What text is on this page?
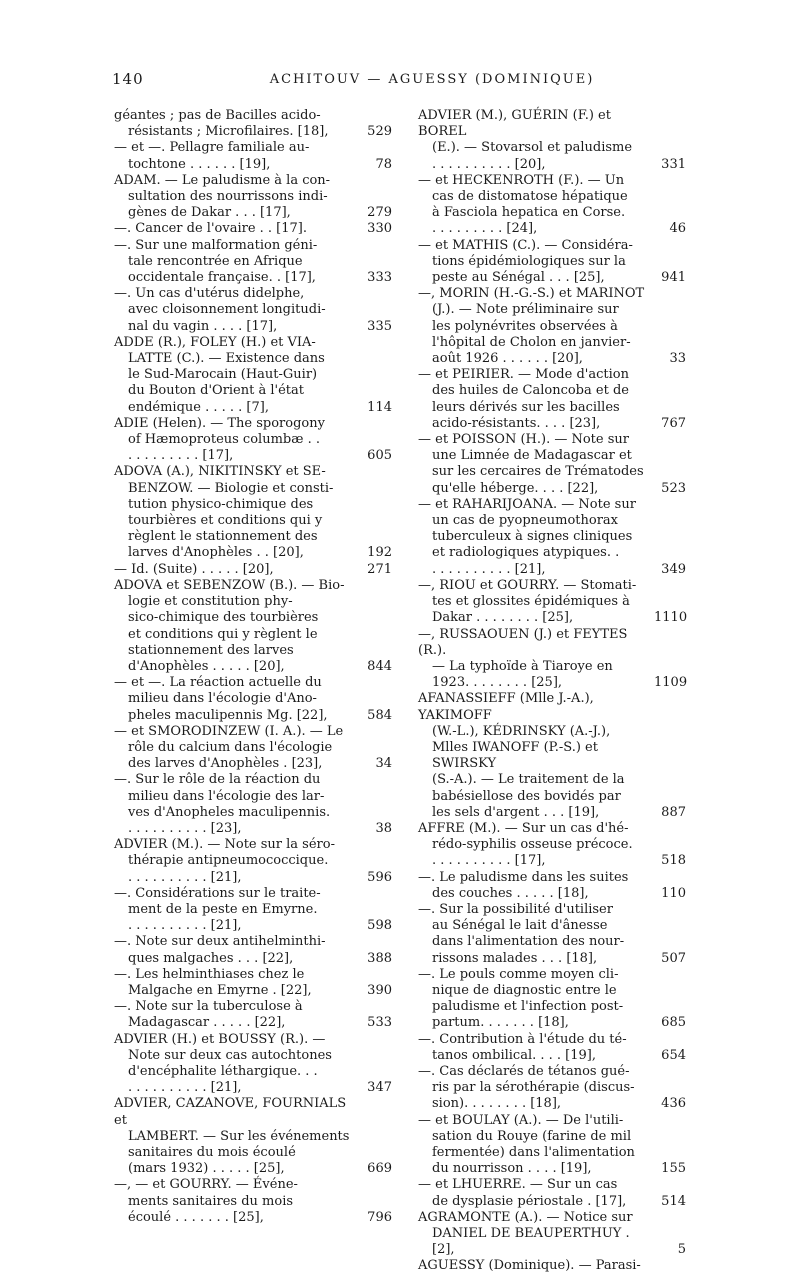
140	ACHITOUV — AGUESSY (DOMINIQUE)
géantes ; pas de Bacilles acido-
résistants ; Microfilaires. [18],	529
— et —. Pellagre familiale au-
tochtone . . . . . . [19],	78
ADAM. — Le paludisme à la con-
sultation des nourrissons indi-
gènes de Dakar . . . [17],	279
—. Cancer de l'ovaire . . [17].	330
—. Sur une malformation géni-
tale rencontrée en Afrique
occidentale française. . [17],	333
—. Un cas d'utérus didelphe,
avec cloisonnement longitudi-
nal du vagin . . . . [17],	335
ADDE (R.), FOLEY (H.) et VIA-
LATTE (C.). — Existence dans
le Sud-Marocain (Haut-Guir)
du Bouton d'Orient à l'état
endémique . . . . . [7],	114
ADIE (Helen). — The sporogony
of Hæmoproteus columbæ . .
. . . . . . . . . [17],	605
ADOVA (A.), NIKITINSKY et SE-
BENZOW. — Biologie et consti-
tution physico-chimique des
tourbières et conditions qui y
règlent le stationnement des
larves d'Anophèles . . [20],	192
— Id. (Suite) . . . . . [20],	271
ADOVA et SEBENZOW (B.). — Bio-
logie et constitution phy-
sico-chimique des tourbières
et conditions qui y règlent le
stationnement des larves
d'Anophèles . . . . . [20],	844
— et —. La réaction actuelle du
milieu dans l'écologie d'Ano-
pheles maculipennis Mg. [22],	584
— et SMORODINZEW (I. A.). — Le
rôle du calcium dans l'écologie
des larves d'Anophèles . [23],	34
—. Sur le rôle de la réaction du
milieu dans l'écologie des lar-
ves d'Anopheles maculipennis.
. . . . . . . . . . [23],	38
ADVIER (M.). — Note sur la séro-
thérapie antipneumococcique.
. . . . . . . . . . [21],	596
—. Considérations sur le traite-
ment de la peste en Emyrne.
. . . . . . . . . . [21],	598
—. Note sur deux antihelminthi-
ques malgaches . . . [22],	388
—. Les helminthiases chez le
Malgache en Emyrne . [22],	390
—. Note sur la tuberculose à
Madagascar . . . . . [22],	533
ADVIER (H.) et BOUSSY (R.). —
Note sur deux cas autochtones
d'encéphalite léthargique. . .
. . . . . . . . . . [21],	347
ADVIER, CAZANOVE, FOURNIALS et
LAMBERT. — Sur les événements
sanitaires du mois écoulé
(mars 1932) . . . . . [25],	669
—, — et GOURRY. — Événe-
ments sanitaires du mois
écoulé . . . . . . . [25],	796
ADVIER (M.), GUÉRIN (F.) et BOREL
(E.). — Stovarsol et paludisme
. . . . . . . . . . [20],	331
— et HECKENROTH (F.). — Un
cas de distomatose hépatique
à Fasciola hepatica en Corse.
. . . . . . . . . [24],	46
— et MATHIS (C.). — Considéra-
tions épidémiologiques sur la
peste au Sénégal . . . [25],	941
—, MORIN (H.-G.-S.) et MARINOT
(J.). — Note préliminaire sur
les polynévrites observées à
l'hôpital de Cholon en janvier-
août 1926 . . . . . . [20],	33
— et PEIRIER. — Mode d'action
des huiles de Caloncoba et de
leurs dérivés sur les bacilles
acido-résistants. . . . [23],	767
— et POISSON (H.). — Note sur
une Limnée de Madagascar et
sur les cercaires de Trématodes
qu'elle héberge. . . . [22],	523
— et RAHARIJOANA. — Note sur
un cas de pyopneumothorax
tuberculeux à signes cliniques
et radiologiques atypiques. .
. . . . . . . . . . [21],	349
—, RIOU et GOURRY. — Stomati-
tes et glossites épidémiques à
Dakar . . . . . . . . [25],	1110
—, RUSSAOUEN (J.) et FEYTES (R.).
— La typhoïde à Tiaroye en
1923. . . . . . . . [25],	1109
AFANASSIEFF (Mlle J.-A.), YAKIMOFF
(W.-L.), KÉDRINSKY (A.-J.),
Mlles IWANOFF (P.-S.) et SWIRSKY
(S.-A.). — Le traitement de la
babésiellose des bovidés par
les sels d'argent . . . [19],	887
AFFRE (M.). — Sur un cas d'hé-
rédo-syphilis osseuse précoce.
. . . . . . . . . . [17],	518
—. Le paludisme dans les suites
des couches . . . . . [18],	110
—. Sur la possibilité d'utiliser
au Sénégal le lait d'ânesse
dans l'alimentation des nour-
rissons malades . . . [18],	507
—. Le pouls comme moyen cli-
nique de diagnostic entre le
paludisme et l'infection post-
partum. . . . . . . [18],	685
—. Contribution à l'étude du té-
tanos ombilical. . . . [19],	654
—. Cas déclarés de tétanos gué-
ris par la sérothérapie (discus-
sion). . . . . . . . [18],	436
— et BOULAY (A.). — De l'utili-
sation du Rouye (farine de mil
fermentée) dans l'alimentation
du nourrisson . . . . [19],	155
— et LHUERRE. — Sur un cas
de dysplasie périostale . [17],	514
AGRAMONTE (A.). — Notice sur
DANIEL DE BEAUPERTHUY . [2],	5
AGUESSY (Dominique). — Parasi-
